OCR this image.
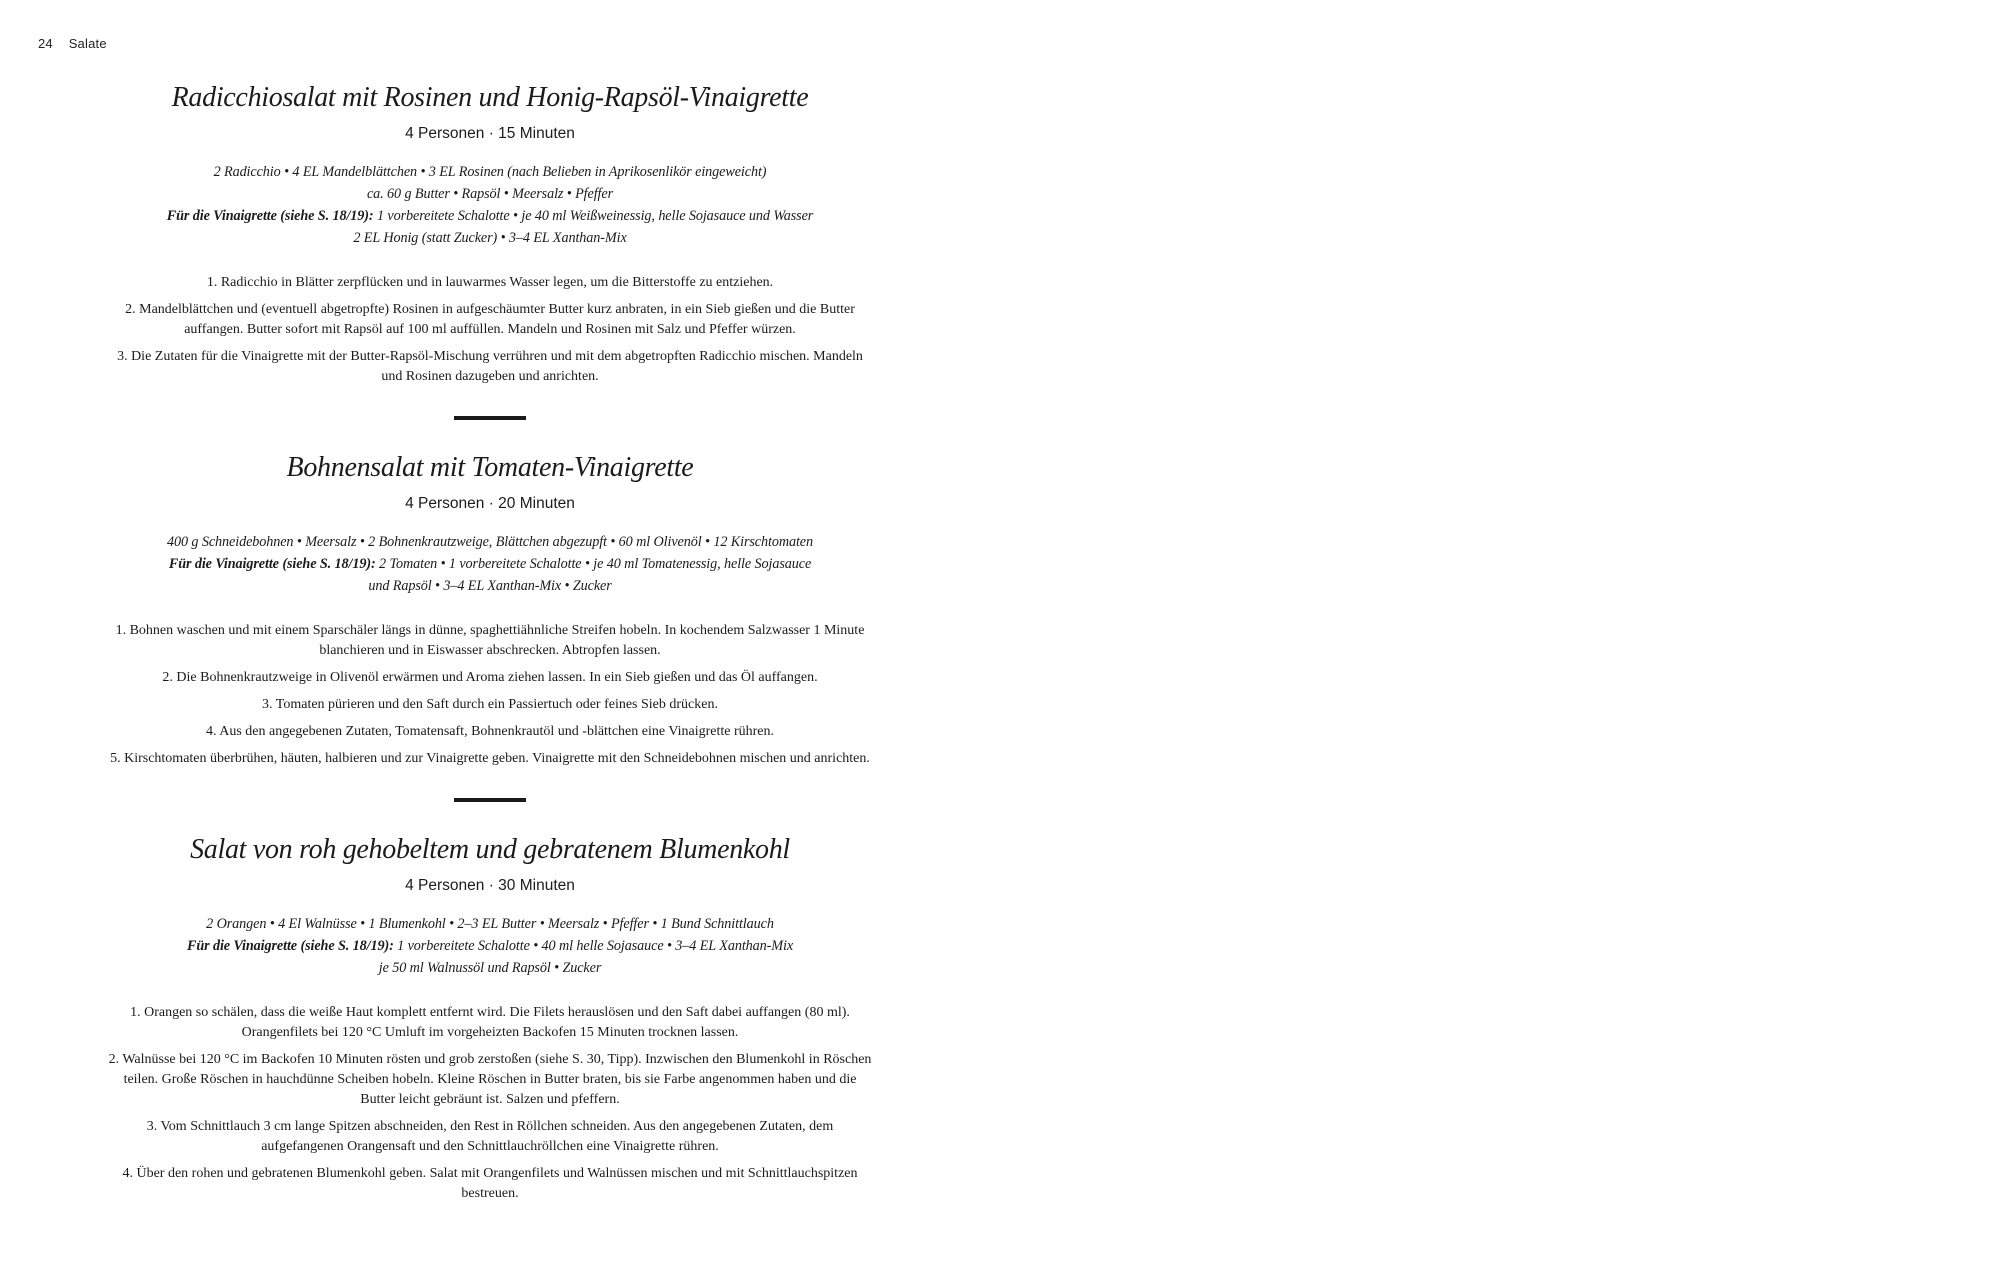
24 Salate
Radicchiosalat mit Rosinen und Honig-Rapsöl-Vinaigrette
4 Personen · 15 Minuten
2 Radicchio • 4 EL Mandelblättchen • 3 EL Rosinen (nach Belieben in Aprikosenlikör eingeweicht)
ca. 60 g Butter • Rapsöl • Meersalz • Pfeffer
Für die Vinaigrette (siehe S. 18/19): 1 vorbereitete Schalotte • je 40 ml Weißweinessig, helle Sojasauce und Wasser
2 EL Honig (statt Zucker) • 3–4 EL Xanthan-Mix
1. Radicchio in Blätter zerpflücken und in lauwarmes Wasser legen, um die Bitterstoffe zu entziehen.
2. Mandelblättchen und (eventuell abgetropfte) Rosinen in aufgeschäumter Butter kurz anbraten, in ein Sieb gießen und die Butter auffangen. Butter sofort mit Rapsöl auf 100 ml auffüllen. Mandeln und Rosinen mit Salz und Pfeffer würzen.
3. Die Zutaten für die Vinaigrette mit der Butter-Rapsöl-Mischung verrühren und mit dem abgetropften Radicchio mischen. Mandeln und Rosinen dazugeben und anrichten.
Bohnensalat mit Tomaten-Vinaigrette
4 Personen · 20 Minuten
400 g Schneidebohnen • Meersalz • 2 Bohnenkrautzweige, Blättchen abgezupft • 60 ml Olivenöl • 12 Kirschtomaten
Für die Vinaigrette (siehe S. 18/19): 2 Tomaten • 1 vorbereitete Schalotte • je 40 ml Tomatenessig, helle Sojasauce
und Rapsöl • 3–4 EL Xanthan-Mix • Zucker
1. Bohnen waschen und mit einem Sparschäler längs in dünne, spaghettiähnliche Streifen hobeln. In kochendem Salzwasser 1 Minute blanchieren und in Eiswasser abschrecken. Abtropfen lassen.
2. Die Bohnenkrautzweige in Olivenöl erwärmen und Aroma ziehen lassen. In ein Sieb gießen und das Öl auffangen.
3. Tomaten pürieren und den Saft durch ein Passiertuch oder feines Sieb drücken.
4. Aus den angegebenen Zutaten, Tomatensaft, Bohnenkrautöl und -blättchen eine Vinaigrette rühren.
5. Kirschtomaten überbrühen, häuten, halbieren und zur Vinaigrette geben. Vinaigrette mit den Schneidebohnen mischen und anrichten.
Salat von roh gehobeltem und gebratenem Blumenkohl
4 Personen · 30 Minuten
2 Orangen • 4 El Walnüsse • 1 Blumenkohl • 2–3 EL Butter • Meersalz • Pfeffer • 1 Bund Schnittlauch
Für die Vinaigrette (siehe S. 18/19): 1 vorbereitete Schalotte • 40 ml helle Sojasauce • 3–4 EL Xanthan-Mix
je 50 ml Walnussöl und Rapsöl • Zucker
1. Orangen so schälen, dass die weiße Haut komplett entfernt wird. Die Filets herauslösen und den Saft dabei auffangen (80 ml). Orangenfilets bei 120 °C Umluft im vorgeheizten Backofen 15 Minuten trocknen lassen.
2. Walnüsse bei 120 °C im Backofen 10 Minuten rösten und grob zerstoßen (siehe S. 30, Tipp). Inzwischen den Blumenkohl in Röschen teilen. Große Röschen in hauchdünne Scheiben hobeln. Kleine Röschen in Butter braten, bis sie Farbe angenommen haben und die Butter leicht gebräunt ist. Salzen und pfeffern.
3. Vom Schnittlauch 3 cm lange Spitzen abschneiden, den Rest in Röllchen schneiden. Aus den angegebenen Zutaten, dem aufgefangenen Orangensaft und den Schnittlauchröllchen eine Vinaigrette rühren.
4. Über den rohen und gebratenen Blumenkohl geben. Salat mit Orangenfilets und Walnüssen mischen und mit Schnittlauchspitzen bestreuen.
